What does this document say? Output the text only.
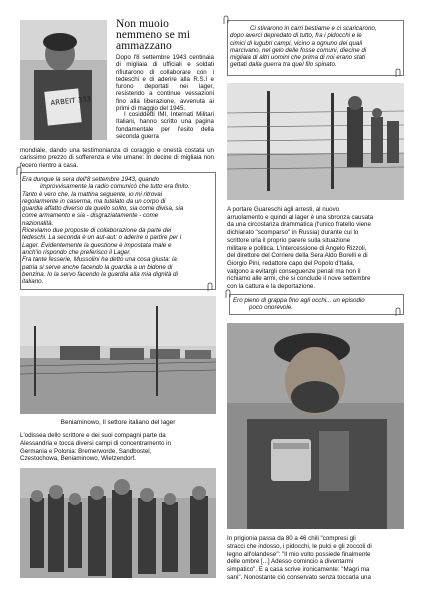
ARBEIT 333
Non muoio nemmeno se mi ammazzano
Dopo l'8 settembre 1943 centinaia di migliaia di ufficiali e soldati rifiutarono di collaborare con i tedeschi e di aderire alla R.S.I e furono deportati nei lager, resistendo a continue vessazioni fino alla liberazione, avvenuta ai primi di maggio del 1945.
I cosiddetti IMI, Internati Militari Italiani, hanno scritto una pagina fondamentale per l'esito della seconda guerra
mondiale, dando una testimonianza di coraggio e onestà costata un carissimo prezzo di sofferenza e vite umane: In decine di migliaia non fecero rientro a casa.
Era dunque la sera dell'8 settembre 1943, quando
improvvisamente la radio comunicò che tutto era finito.
Tanto è vero che, la mattina seguente, io mi ritrovai
regolarmente in caserma, ma tutelato da un corpo di
guardia affatto diverso da quello solito, sia come divisa, sia
come armamento e sia - disgraziatamente - come
nazionalità.
Riceviamo due proposte di collaborazione da parte dei
tedeschi. La seconda è un aut-aut: o aderire o partire per i
Lager. Evidentemente la questione è impostata male e
anch'io rispondo che preferisco il Lager.
Fra tante fesserie, Mussolini ha detto una cosa giusta: la
patria si serve anche facendo la guardia a un bidone di
benzina. Io la servo facendo la guardia alla mia dignità di
italiano.
Beniaminowo, Il settore italiano del lager
L'odissea dello scrittore e dei suoi compagni parte da
Alessandria e tocca diversi campi di concentramento in
Germania e Polonia: Bremerworde, Sandbostel,
Czestochowa, Beniaminowo, Wietzendorf.
Ci stivarono in carri bestiame e ci scaricarono,
dopo averci depredato di tutto, fra i pidocchi e le
cimici di lugubri campi, vicino a ognuno dei quali
marcivano, nel gelo delle fosse comuni, diecine di
migliaia di altri uomini che prima di noi erano stati
gettati dalla guerra tra quel filo spinato.
A portare Guareschi agli arresti, al nuovo
arruolamento e quindi al lager è una sbronza causata
da una circostanza drammatica (l'unico fratello viene
dichiarato "scomparso" in Russia) durante cui lo
scrittore urla il proprio parere sulla situazione
militare e politica. L'intercessione di Angelo Rizzoli,
del direttore del Corriere della Sera Aldo Borelli e di
Giorgio Pini, redattore capo del Popolo d'Italia,
valgono a evitargli conseguenze penali ma non il
richiamo alle armi, che si conclude il nove settembre
con la cattura e la deportazione.
Ero pieno di grappa fino agli occhi... un episodio
poco onorevole.
In prigionia passa da 80 a 46 chili "compresi gli
stracci che indosso, i pidocchi, le pulci e gli zoccoli di
legno all'olandese": "Il mio volto possiede finalmente
delle ombre [...] Adesso comincio a diventarmi
simpatico". E a casa scrive ironicamente: "Magri ma
sani". Nonostante ciò conservato senza toccarla una
